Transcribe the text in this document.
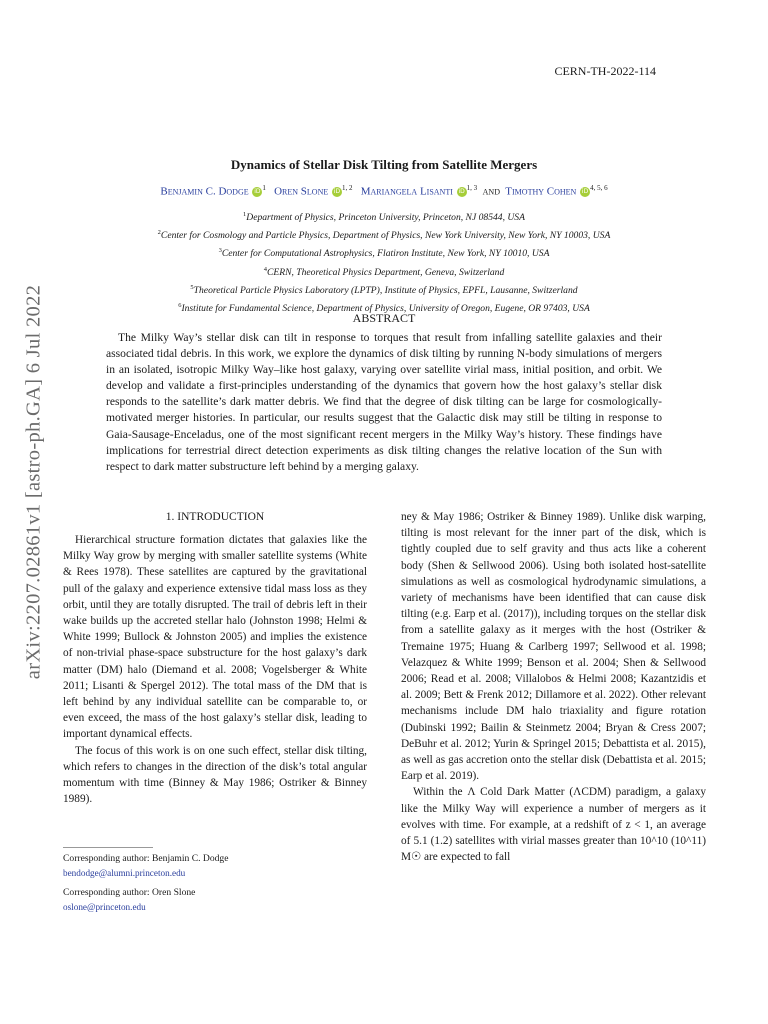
CERN-TH-2022-114
arXiv:2207.02861v1 [astro-ph.GA] 6 Jul 2022
Dynamics of Stellar Disk Tilting from Satellite Mergers
Benjamin C. Dodge iD $^1$ Oren Slone iD $^{1, 2}$ Mariangela Lisanti iD $^{1, 3}$ and Timothy Cohen iD $^{4, 5, 6}$
$^1$Department of Physics, Princeton University, Princeton, NJ 08544, USA
$^2$Center for Cosmology and Particle Physics, Department of Physics, New York University, New York, NY 10003, USA
$^3$Center for Computational Astrophysics, Flatiron Institute, New York, NY 10010, USA
$^4$CERN, Theoretical Physics Department, Geneva, Switzerland
$^5$Theoretical Particle Physics Laboratory (LPTP), Institute of Physics, EPFL, Lausanne, Switzerland
$^6$Institute for Fundamental Science, Department of Physics, University of Oregon, Eugene, OR 97403, USA
ABSTRACT
The Milky Way’s stellar disk can tilt in response to torques that result from infalling satellite galaxies and their associated tidal debris. In this work, we explore the dynamics of disk tilting by running N-body simulations of mergers in an isolated, isotropic Milky Way–like host galaxy, varying over satellite virial mass, initial position, and orbit. We develop and validate a first-principles understanding of the dynamics that govern how the host galaxy’s stellar disk responds to the satellite’s dark matter debris. We find that the degree of disk tilting can be large for cosmologically-motivated merger histories. In particular, our results suggest that the Galactic disk may still be tilting in response to Gaia-Sausage-Enceladus, one of the most significant recent mergers in the Milky Way’s history. These findings have implications for terrestrial direct detection experiments as disk tilting changes the relative location of the Sun with respect to dark matter substructure left behind by a merging galaxy.
1. INTRODUCTION

Hierarchical structure formation dictates that galaxies like the Milky Way grow by merging with smaller satellite systems (White & Rees 1978). These satellites are captured by the gravitational pull of the galaxy and experience extensive tidal mass loss as they orbit, until they are totally disrupted. The trail of debris left in their wake builds up the accreted stellar halo (Johnston 1998; Helmi & White 1999; Bullock & Johnston 2005) and implies the existence of non-trivial phase-space substructure for the host galaxy’s dark matter (DM) halo (Diemand et al. 2008; Vogelsberger & White 2011; Lisanti & Spergel 2012). The total mass of the DM that is left behind by any individual satellite can be comparable to, or even exceed, the mass of the host galaxy’s stellar disk, leading to important dynamical effects.

The focus of this work is on one such effect, stellar disk tilting, which refers to changes in the direction of the disk’s total angular momentum with time (Binney & May 1986; Ostriker & Binney 1989).

ney & May 1986; Ostriker & Binney 1989). Unlike disk warping, tilting is most relevant for the inner part of the disk, which is tightly coupled due to self gravity and thus acts like a coherent body (Shen & Sellwood 2006). Using both isolated host-satellite simulations as well as cosmological hydrodynamic simulations, a variety of mechanisms have been identified that can cause disk tilting (e.g. Earp et al. (2017)), including torques on the stellar disk from a satellite galaxy as it merges with the host (Ostriker & Tremaine 1975; Huang & Carlberg 1997; Sellwood et al. 1998; Velazquez & White 1999; Benson et al. 2004; Shen & Sellwood 2006; Read et al. 2008; Villalobos & Helmi 2008; Kazantzidis et al. 2009; Bett & Frenk 2012; Dillamore et al. 2022). Other relevant mechanisms include DM halo triaxiality and figure rotation (Dubinski 1992; Bailin & Steinmetz 2004; Bryan & Cress 2007; DeBuhr et al. 2012; Yurin & Springel 2015; Debattista et al. 2015), as well as gas accretion onto the stellar disk (Debattista et al. 2015; Earp et al. 2019).

Within the Λ Cold Dark Matter (ΛCDM) paradigm, a galaxy like the Milky Way will experience a number of mergers as it evolves with time. For example, at a redshift of z < 1, an average of 5.1 (1.2) satellites with virial masses greater than 10^10 (10^11) M☉ are expected to fall

Corresponding author: Benjamin C. Dodge
bendodge@alumni.princeton.edu
Corresponding author: Oren Slone
oslone@princeton.edu
